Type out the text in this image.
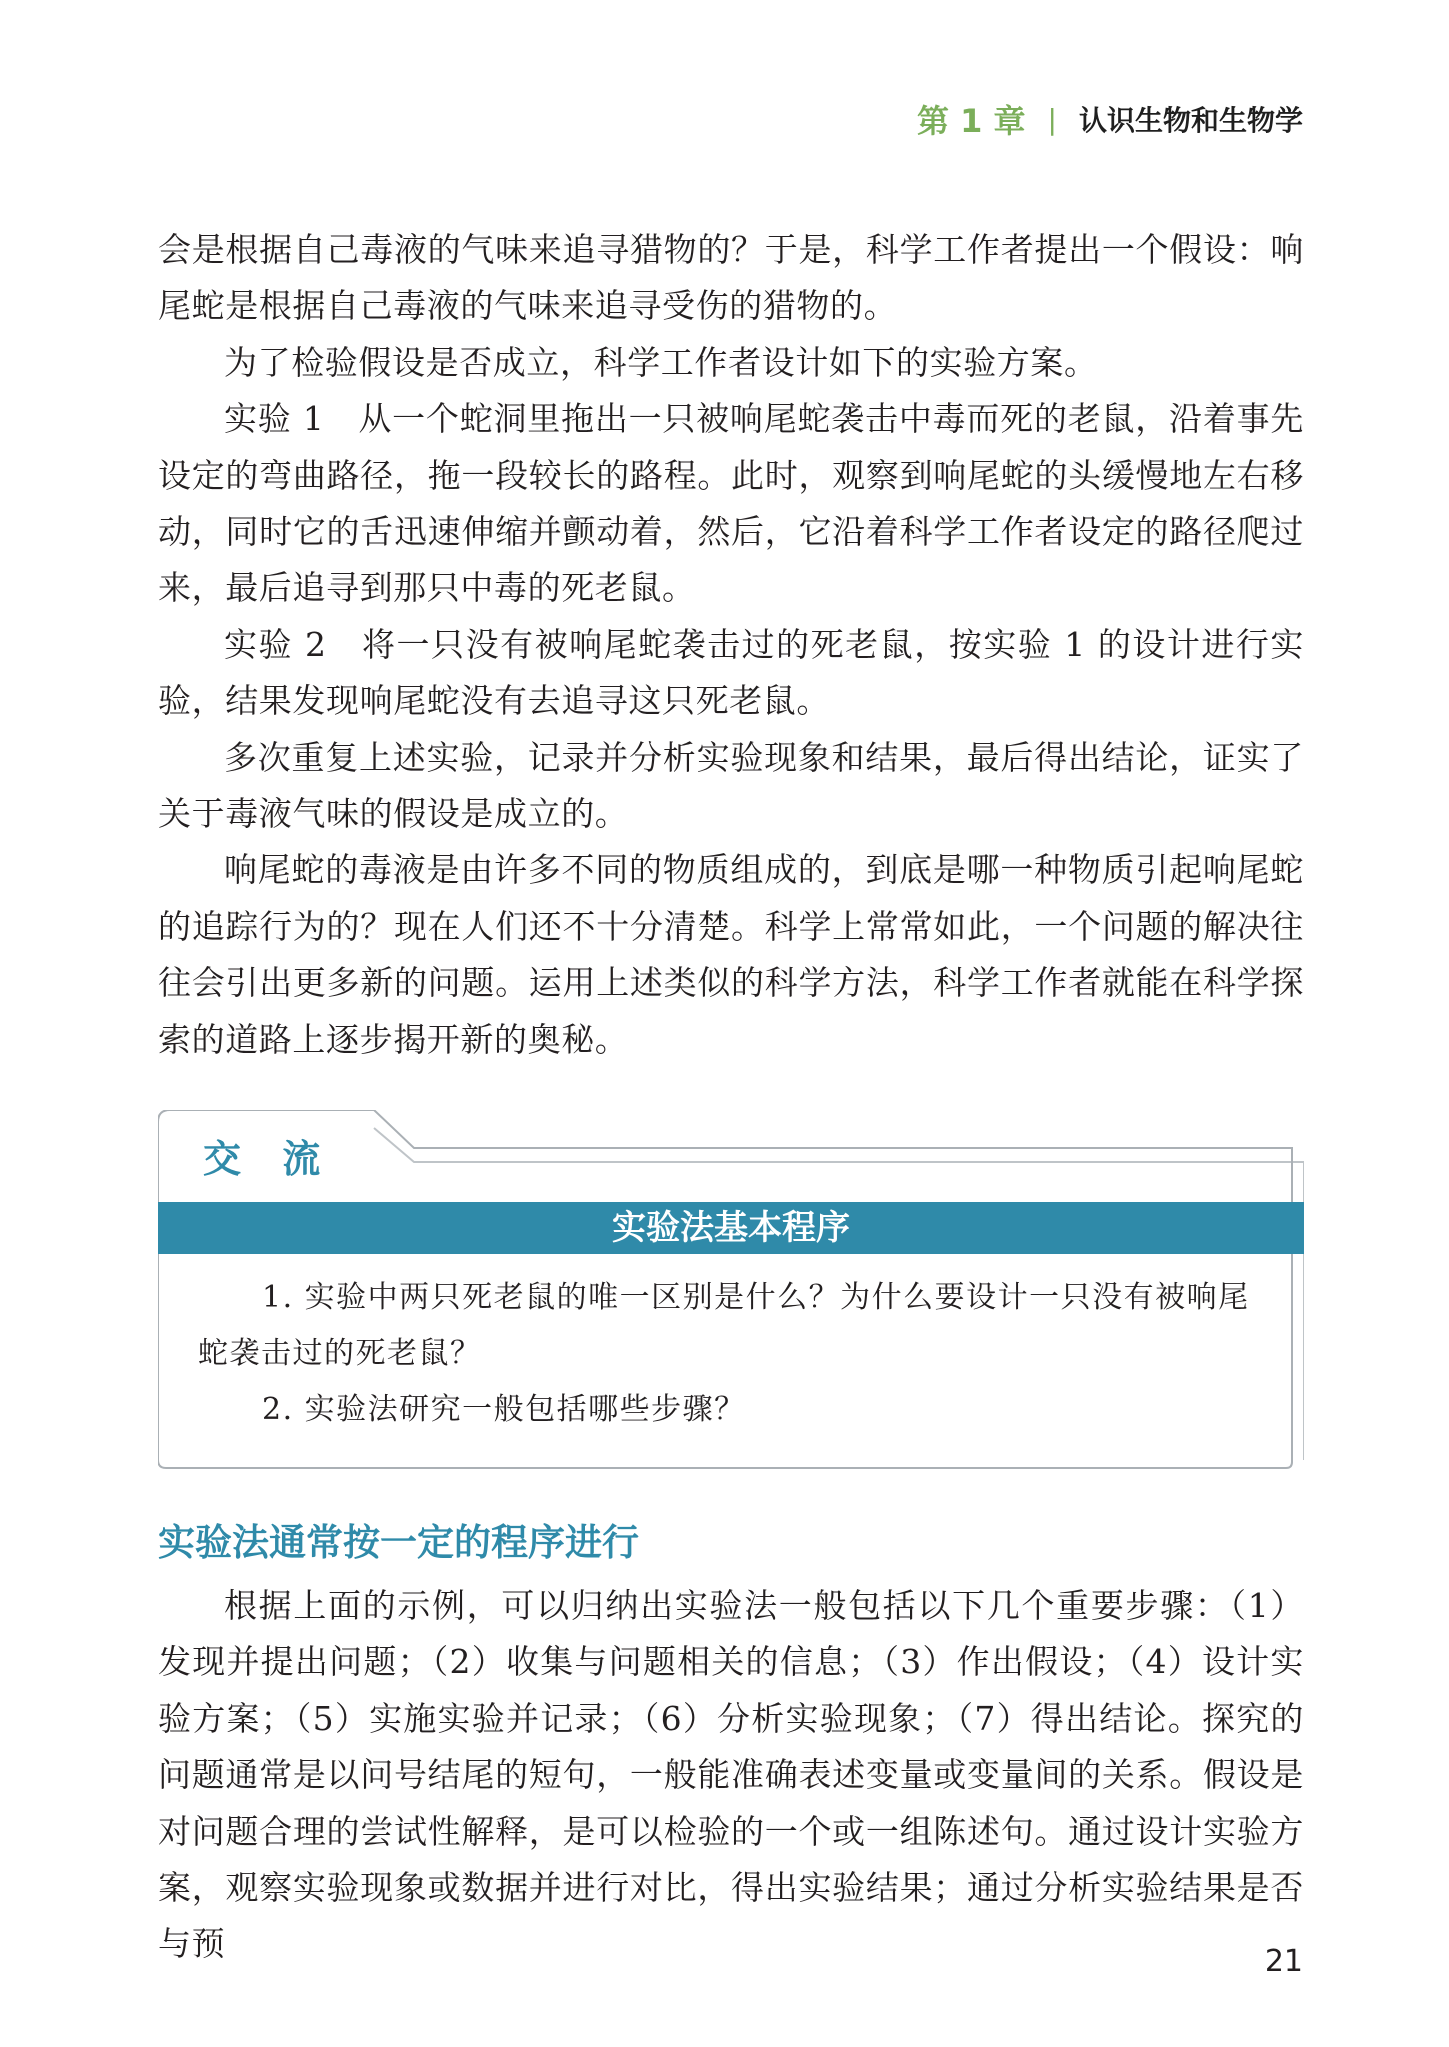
第 1 章 | 认识生物和生物学

会是根据自己毒液的气味来追寻猎物的？于是，科学工作者提出一个假设：响尾蛇是根据自己毒液的气味来追寻受伤的猎物的。

为了检验假设是否成立，科学工作者设计如下的实验方案。

实验 1　从一个蛇洞里拖出一只被响尾蛇袭击中毒而死的老鼠，沿着事先设定的弯曲路径，拖一段较长的路程。此时，观察到响尾蛇的头缓慢地左右移动，同时它的舌迅速伸缩并颤动着，然后，它沿着科学工作者设定的路径爬过来，最后追寻到那只中毒的死老鼠。

实验 2　将一只没有被响尾蛇袭击过的死老鼠，按实验 1 的设计进行实验，结果发现响尾蛇没有去追寻这只死老鼠。

多次重复上述实验，记录并分析实验现象和结果，最后得出结论，证实了关于毒液气味的假设是成立的。

响尾蛇的毒液是由许多不同的物质组成的，到底是哪一种物质引起响尾蛇的追踪行为的？现在人们还不十分清楚。科学上常常如此，一个问题的解决往往会引出更多新的问题。运用上述类似的科学方法，科学工作者就能在科学探索的道路上逐步揭开新的奥秘。

交 流
实验法基本程序

1. 实验中两只死老鼠的唯一区别是什么？为什么要设计一只没有被响尾蛇袭击过的死老鼠？

2. 实验法研究一般包括哪些步骤？

实验法通常按一定的程序进行

根据上面的示例，可以归纳出实验法一般包括以下几个重要步骤：（1）发现并提出问题；（2）收集与问题相关的信息；（3）作出假设；（4）设计实验方案；（5）实施实验并记录；（6）分析实验现象；（7）得出结论。探究的问题通常是以问号结尾的短句，一般能准确表述变量或变量间的关系。假设是对问题合理的尝试性解释，是可以检验的一个或一组陈述句。通过设计实验方案，观察实验现象或数据并进行对比，得出实验结果；通过分析实验结果是否与预	21
